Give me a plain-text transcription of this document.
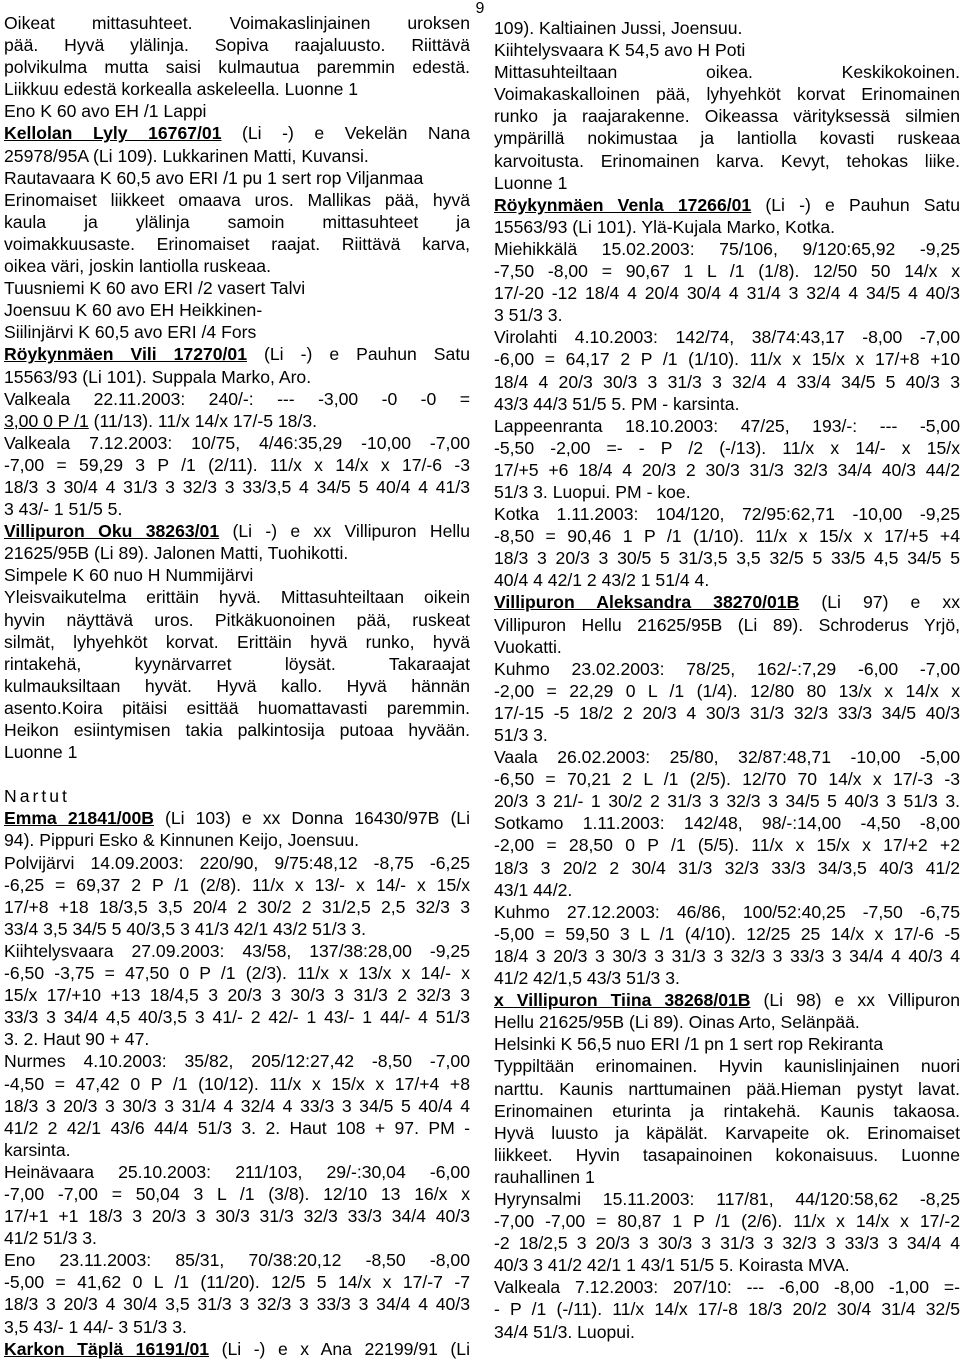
9
Oikeat mittasuhteet. Voimakaslinjainen uroksen
pää. Hyvä ylälinja. Sopiva raajaluusto. Riittävä
polvikulma mutta saisi kulmautua paremmin edestä.
Liikkuu edestä korkealla askeleella. Luonne 1
Eno K 60 avo EH /1 Lappi
Kellolan Lyly 16767/01 (Li -) e Vekelän Nana
25978/95A (Li 109). Lukkarinen Matti, Kuvansi.
Rautavaara K 60,5 avo ERI /1 pu 1 sert rop Viljanmaa
Erinomaiset liikkeet omaava uros. Mallikas pää, hyvä
kaula ja ylälinja samoin mittasuhteet ja
voimakkuusaste. Erinomaiset raajat. Riittävä karva,
oikea väri, joskin lantiolla ruskeaa.
Tuusniemi K 60 avo ERI /2 vasert Talvi
Joensuu K 60 avo EH Heikkinen-
Siilinjärvi K 60,5 avo ERI /4 Fors
Röykynmäen Vili 17270/01 (Li -) e Pauhun Satu
15563/93 (Li 101). Suppala Marko, Aro.
Valkeala 22.11.2003: 240/-: --- -3,00 -0 -0 =
3,00 0 P /1 (11/13). 11/x 14/x 17/-5 18/3.
Valkeala 7.12.2003: 10/75, 4/46:35,29 -10,00 -7,00
-7,00 = 59,29 3 P /1 (2/11). 11/x x 14/x x 17/-6 -3
18/3 3 30/4 4 31/3 3 32/3 3 33/3,5 4 34/5 5 40/4 4 41/3
3 43/- 1 51/5 5.
Villipuron Oku 38263/01 (Li -) e xx Villipuron Hellu
21625/95B (Li 89). Jalonen Matti, Tuohikotti.
Simpele K 60 nuo H Nummijärvi
Yleisvaikutelma erittäin hyvä. Mittasuhteiltaan oikein
hyvin näyttävä uros. Pitkäkuonoinen pää, ruskeat
silmät, lyhyehköt korvat. Erittäin hyvä runko, hyvä
rintakehä, kyynärvarret löysät. Takaraajat
kulmauksiltaan hyvät. Hyvä kallo. Hyvä hännän
asento.Koira pitäisi esittää huomattavasti paremmin.
Heikon esiintymisen takia palkintosija putoaa hyvään.
Luonne 1

Nartut
Emma 21841/00B (Li 103) e xx Donna 16430/97B (Li
94). Pippuri Esko & Kinnunen Keijo, Joensuu.
Polvijärvi 14.09.2003: 220/90, 9/75:48,12 -8,75 -6,25
-6,25 = 69,37 2 P /1 (2/8). 11/x x 13/- x 14/- x 15/x
17/+8 +18 18/3,5 3,5 20/4 2 30/2 2 31/2,5 2,5 32/3 3
33/4 3,5 34/5 5 40/3,5 3 41/3 42/1 43/2 51/3 3.
Kiihtelysvaara 27.09.2003: 43/58, 137/38:28,00 -9,25
-6,50 -3,75 = 47,50 0 P /1 (2/3). 11/x x 13/x x 14/- x
15/x 17/+10 +13 18/4,5 3 20/3 3 30/3 3 31/3 2 32/3 3
33/3 3 34/4 4,5 40/3,5 3 41/- 2 42/- 1 43/- 1 44/- 4 51/3
3. 2. Haut 90 + 47.
Nurmes 4.10.2003: 35/82, 205/12:27,42 -8,50 -7,00
-4,50 = 47,42 0 P /1 (10/12). 11/x x 15/x x 17/+4 +8
18/3 3 20/3 3 30/3 3 31/4 4 32/4 4 33/3 3 34/5 5 40/4 4
41/2 2 42/1 43/6 44/4 51/3 3. 2. Haut 108 + 97. PM -
karsinta.
Heinävaara 25.10.2003: 211/103, 29/-:30,04 -6,00
-7,00 -7,00 = 50,04 3 L /1 (3/8). 12/10 13 16/x x
17/+1 +1 18/3 3 20/3 3 30/3 31/3 32/3 33/3 34/4 40/3
41/2 51/3 3.
Eno 23.11.2003: 85/31, 70/38:20,12 -8,50 -8,00
-5,00 = 41,62 0 L /1 (11/20). 12/5 5 14/x x 17/-7 -7
18/3 3 20/3 4 30/4 3,5 31/3 3 32/3 3 33/3 3 34/4 4 40/3
3,5 43/- 1 44/- 3 51/3 3.
Karkon Täplä 16191/01 (Li -) e x Ana 22199/91 (Li
109). Kaltiainen Jussi, Joensuu.
Kiihtelysvaara K 54,5 avo H Poti
Mittasuhteiltaan oikea. Keskikokoinen.
Voimakaskalloinen pää, lyhyehköt korvat Erinomainen
runko ja raajarakenne. Oikeassa värityksessä silmien
ympärillä nokimustaa ja lantiolla kovasti ruskeaa
karvoitusta. Erinomainen karva. Kevyt, tehokas liike.
Luonne 1
Röykynmäen Venla 17266/01 (Li -) e Pauhun Satu
15563/93 (Li 101). Ylä-Kujala Marko, Kotka.
Miehikkälä 15.02.2003: 75/106, 9/120:65,92 -9,25
-7,50 -8,00 = 90,67 1 L /1 (1/8). 12/50 50 14/x x
17/-20 -12 18/4 4 20/4 30/4 4 31/4 3 32/4 4 34/5 4 40/3
3 51/3 3.
Virolahti 4.10.2003: 142/74, 38/74:43,17 -8,00 -7,00
-6,00 = 64,17 2 P /1 (1/10). 11/x x 15/x x 17/+8 +10
18/4 4 20/3 30/3 3 31/3 3 32/4 4 33/4 34/5 5 40/3 3
43/3 44/3 51/5 5. PM - karsinta.
Lappeenranta 18.10.2003: 47/25, 193/-: --- -5,00
-5,50 -2,00 =- - P /2 (-/13). 11/x x 14/- x 15/x
17/+5 +6 18/4 4 20/3 2 30/3 31/3 32/3 34/4 40/3 44/2
51/3 3. Luopui. PM - koe.
Kotka 1.11.2003: 104/120, 72/95:62,71 -10,00 -9,25
-8,50 = 90,46 1 P /1 (1/10). 11/x x 15/x x 17/+5 +4
18/3 3 20/3 3 30/5 5 31/3,5 3,5 32/5 5 33/5 4,5 34/5 5
40/4 4 42/1 2 43/2 1 51/4 4.
Villipuron Aleksandra 38270/01B (Li 97) e xx
Villipuron Hellu 21625/95B (Li 89). Schroderus Yrjö,
Vuokatti.
Kuhmo 23.02.2003: 78/25, 162/-:7,29 -6,00 -7,00
-2,00 = 22,29 0 L /1 (1/4). 12/80 80 13/x x 14/x x
17/-15 -5 18/2 2 20/3 4 30/3 31/3 32/3 33/3 34/5 40/3
51/3 3.
Vaala 26.02.2003: 25/80, 32/87:48,71 -10,00 -5,00
-6,50 = 70,21 2 L /1 (2/5). 12/70 70 14/x x 17/-3 -3
20/3 3 21/- 1 30/2 2 31/3 3 32/3 3 34/5 5 40/3 3 51/3 3.
Sotkamo 1.11.2003: 142/48, 98/-:14,00 -4,50 -8,00
-2,00 = 28,50 0 P /1 (5/5). 11/x x 15/x x 17/+2 +2
18/3 3 20/2 2 30/4 31/3 32/3 33/3 34/3,5 40/3 41/2
43/1 44/2.
Kuhmo 27.12.2003: 46/86, 100/52:40,25 -7,50 -6,75
-5,00 = 59,50 3 L /1 (4/10). 12/25 25 14/x x 17/-6 -5
18/4 3 20/3 3 30/3 3 31/3 3 32/3 3 33/3 3 34/4 4 40/3 4
41/2 42/1,5 43/3 51/3 3.
x Villipuron Tiina 38268/01B (Li 98) e xx Villipuron
Hellu 21625/95B (Li 89). Oinas Arto, Selänpää.
Helsinki K 56,5 nuo ERI /1 pn 1 sert rop Rekiranta
Typpiltään erinomainen. Hyvin kaunislinjainen nuori
narttu. Kaunis narttumainen pää.Hieman pystyt lavat.
Erinomainen eturinta ja rintakehä. Kaunis takaosa.
Hyvä luusto ja käpälät. Karvapeite ok. Erinomaiset
liikkeet. Hyvin tasapainoinen kokonaisuus. Luonne
rauhallinen 1
Hyrynsalmi 15.11.2003: 117/81, 44/120:58,62 -8,25
-7,00 -7,00 = 80,87 1 P /1 (2/6). 11/x x 14/x x 17/-2
-2 18/2,5 3 20/3 3 30/3 3 31/3 3 32/3 3 33/3 3 34/4 4
40/3 3 41/2 42/1 1 43/1 51/5 5. Koirasta MVA.
Valkeala 7.12.2003: 207/10: --- -6,00 -8,00 -1,00 =-
- P /1 (-/11). 11/x 14/x 17/-8 18/3 20/2 30/4 31/4 32/5
34/4 51/3. Luopui.
